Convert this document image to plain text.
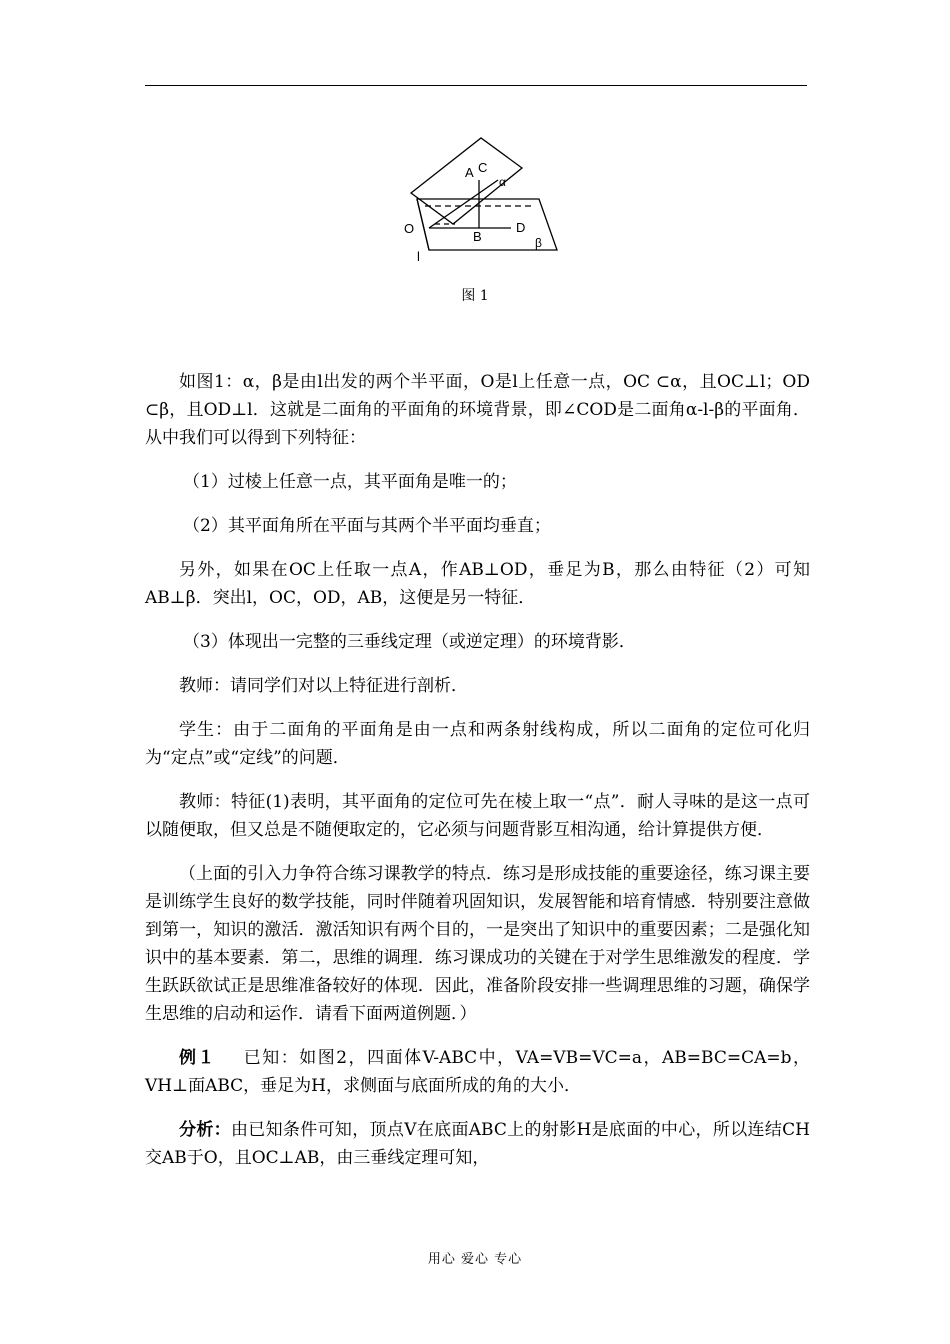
A C
α
O
B
D
β
l
图 1

如图1：α，β是由l出发的两个半平面，O是l上任意一点，OC ⊂α，且OC⊥l；OD ⊂β，且OD⊥l．这就是二面角的平面角的环境背景，即∠COD是二面角α-l-β的平面角．从中我们可以得到下列特征：

（1）过棱上任意一点，其平面角是唯一的；

（2）其平面角所在平面与其两个半平面均垂直；

另外，如果在OC上任取一点A，作AB⊥OD，垂足为B，那么由特征（2）可知AB⊥β．突出l，OC，OD，AB，这便是另一特征．

（3）体现出一完整的三垂线定理（或逆定理）的环境背影．

教师：请同学们对以上特征进行剖析．

学生：由于二面角的平面角是由一点和两条射线构成，所以二面角的定位可化归为“定点”或“定线”的问题．

教师：特征(1)表明，其平面角的定位可先在棱上取一“点”．耐人寻味的是这一点可以随便取，但又总是不随便取定的，它必须与问题背影互相沟通，给计算提供方便．

（上面的引入力争符合练习课教学的特点．练习是形成技能的重要途径，练习课主要是训练学生良好的数学技能，同时伴随着巩固知识，发展智能和培育情感．特别要注意做到第一，知识的激活．激活知识有两个目的，一是突出了知识中的重要因素；二是强化知识中的基本要素．第二，思维的调理．练习课成功的关键在于对学生思维激发的程度．学生跃跃欲试正是思维准备较好的体现．因此，准备阶段安排一些调理思维的习题，确保学生思维的启动和运作．请看下面两道例题．）

例１ 已知：如图2，四面体V-ABC中，VA=VB=VC=a，AB=BC=CA=b，VH⊥面ABC，垂足为H，求侧面与底面所成的角的大小．

分析：由已知条件可知，顶点V在底面ABC上的射影H是底面的中心，所以连结CH交AB于O，且OC⊥AB，由三垂线定理可知，

用心 爱心 专心
